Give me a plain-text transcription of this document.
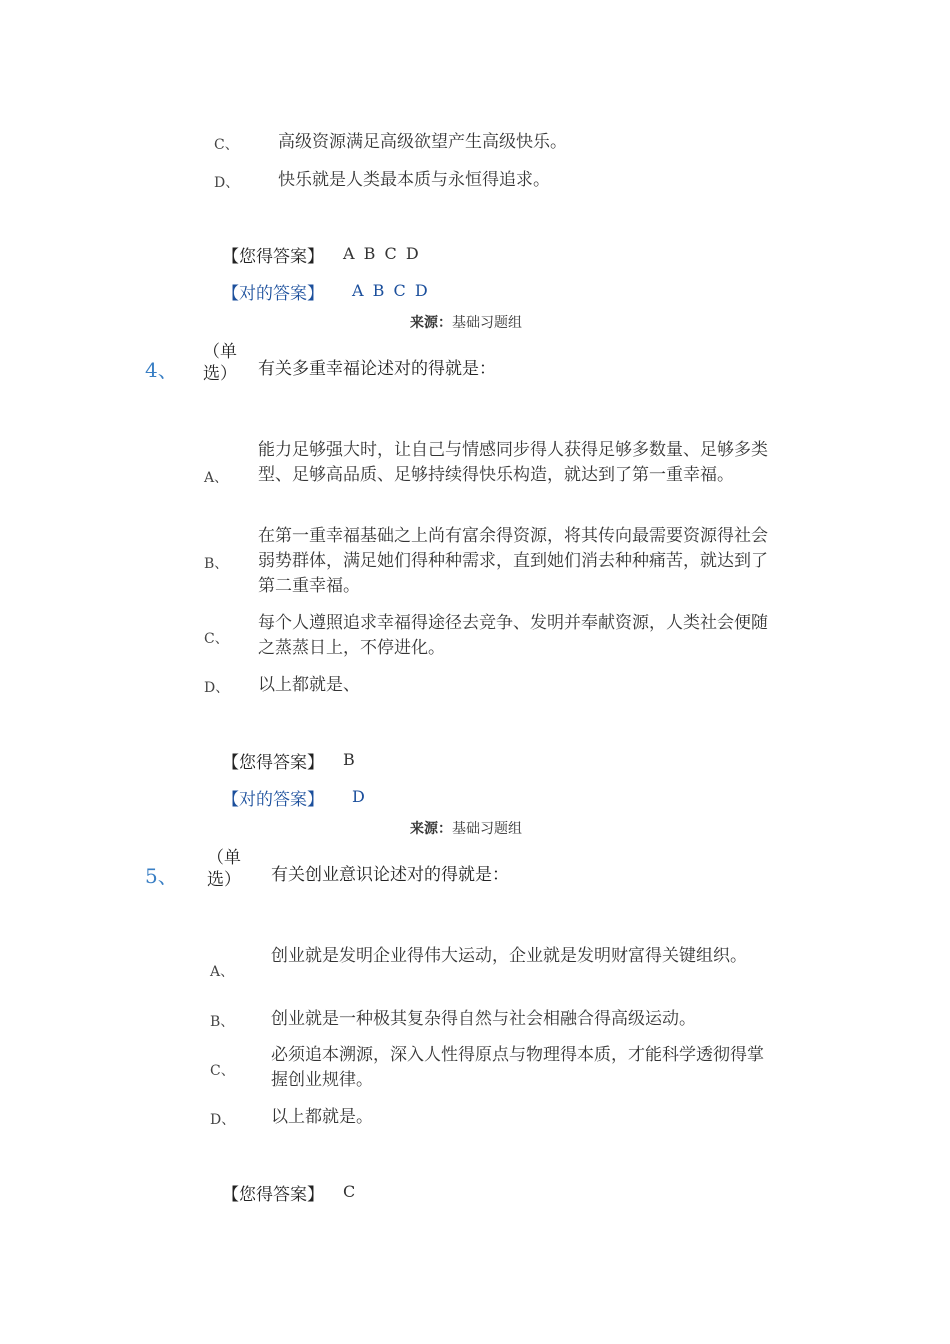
C、 高级资源满足高级欲望产生高级快乐。
D、 快乐就是人类最本质与永恒得追求。
【您得答案】 A B C D
【对的答案】 A B C D
来源：基础习题组
4、
（单选） 有关多重幸福论述对的得就是：
A、
能力足够强大时，让自己与情感同步得人获得足够多数量、足够多类型、足够高品质、足够持续得快乐构造，就达到了第一重幸福。
B、
在第一重幸福基础之上尚有富余得资源，将其传向最需要资源得社会弱势群体，满足她们得种种需求，直到她们消去种种痛苦，就达到了第二重幸福。
C、
每个人遵照追求幸福得途径去竞争、发明并奉献资源，人类社会便随之蒸蒸日上，不停进化。
D、 以上都就是、
【您得答案】 B
【对的答案】 D
来源：基础习题组
5、
（单选） 有关创业意识论述对的得就是：
A、
创业就是发明企业得伟大运动，企业就是发明财富得关键组织。
B、 创业就是一种极其复杂得自然与社会相融合得高级运动。
C、
必须追本溯源，深入人性得原点与物理得本质，才能科学透彻得掌握创业规律。
D、 以上都就是。
【您得答案】 C
